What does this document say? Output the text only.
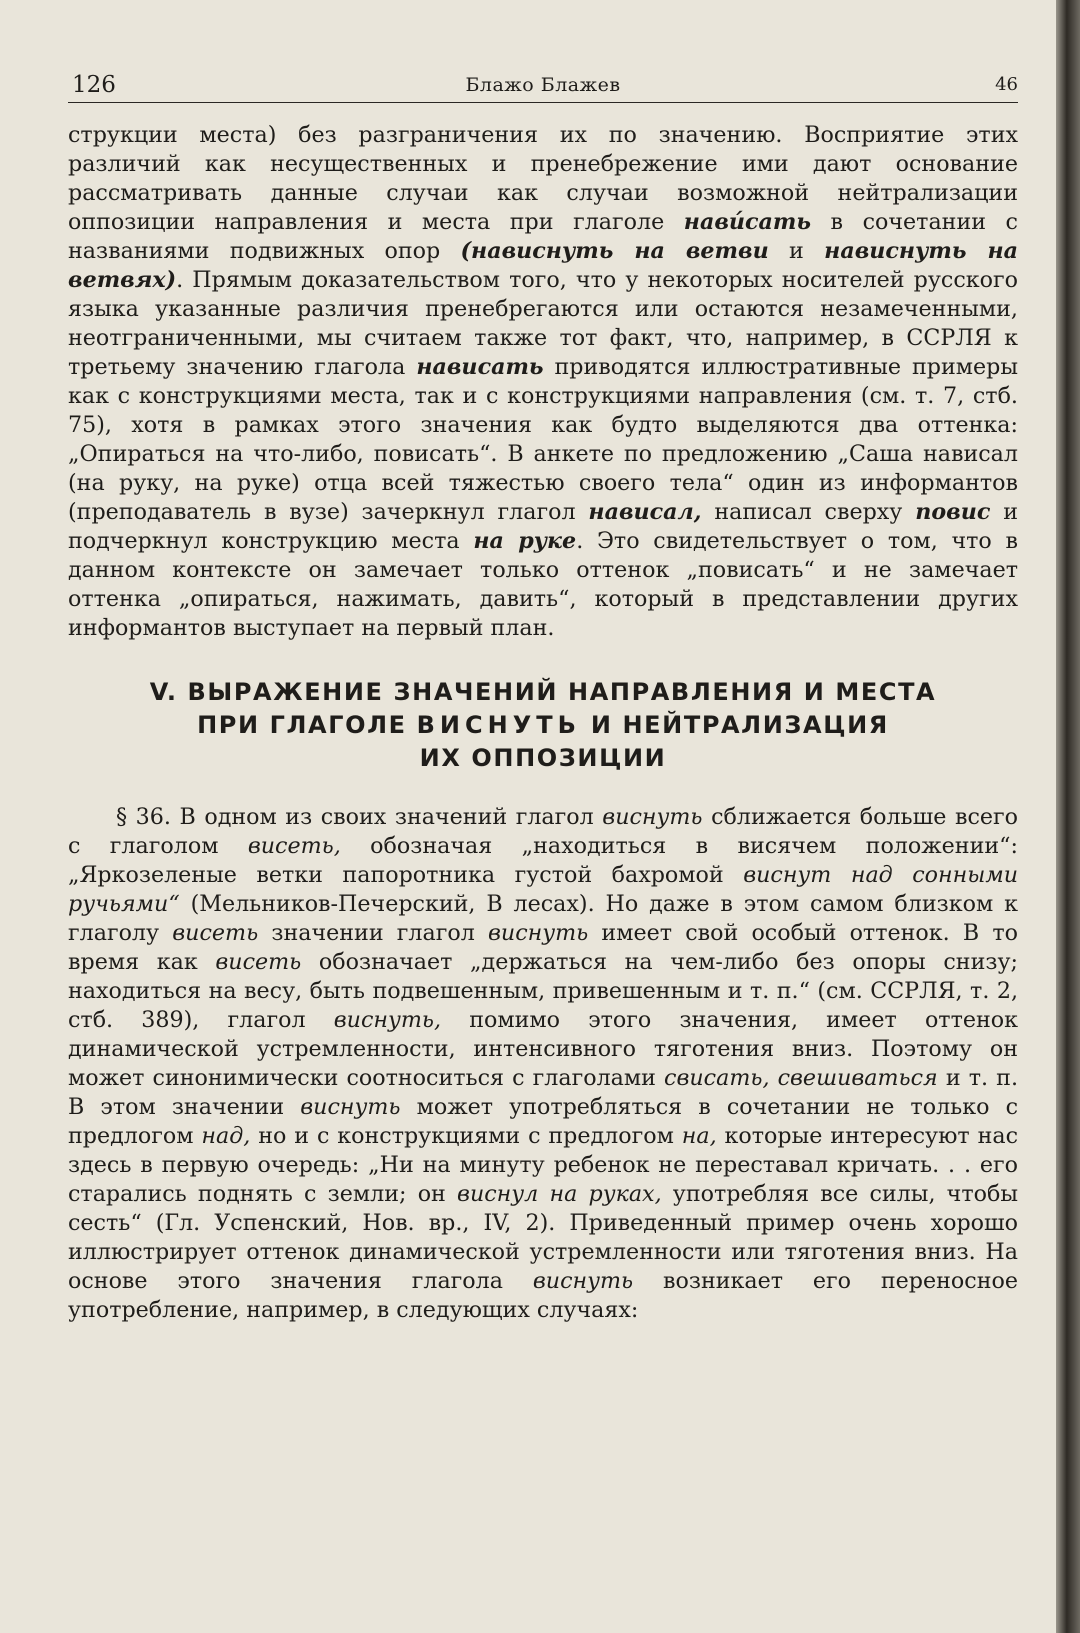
126	Блажо Блажев	46

струкции места) без разграничения их по значению. Восприятие этих различий как несущественных и пренебрежение ими дают основание рассматривать данные случаи как случаи возможной нейтрализации оппозиции направления и места при глаголе нави́сать в сочетании с названиями подвижных опор (нависнуть на ветви и нависнуть на ветвях). Прямым доказательством того, что у некоторых носителей русского языка указанные различия пренебрегаются или остаются незамеченными, неотграниченными, мы считаем также тот факт, что, например, в ССРЛЯ к третьему значению глагола нависать приводятся иллюстративные примеры как с конструкциями места, так и с конструкциями направления (см. т. 7, стб. 75), хотя в рамках этого значения как будто выделяются два оттенка: „Опираться на что-либо, повисать“. В анкете по предложению „Саша нависал (на руку, на руке) отца всей тяжестью своего тела“ один из информантов (преподаватель в вузе) зачеркнул глагол нависал, написал сверху повис и подчеркнул конструкцию места на руке. Это свидетельствует о том, что в данном контексте он замечает только оттенок „повисать“ и не замечает оттенка „опираться, нажимать, давить“, который в представлении других информантов выступает на первый план.

V. ВЫРАЖЕНИЕ ЗНАЧЕНИЙ НАПРАВЛЕНИЯ И МЕСТА
ПРИ ГЛАГОЛЕ ВИСНУТЬ И НЕЙТРАЛИЗАЦИЯ
ИХ ОППОЗИЦИИ

§ 36. В одном из своих значений глагол виснуть сближается больше всего с глаголом висеть, обозначая „находиться в висячем положении“: „Яркозеленые ветки папоротника густой бахромой виснут над сонными ручьями“ (Мельников-Печерский, В лесах). Но даже в этом самом близком к глаголу висеть значении глагол виснуть имеет свой особый оттенок. В то время как висеть обозначает „держаться на чем-либо без опоры снизу; находиться на весу, быть подвешенным, привешенным и т. п.“ (см. ССРЛЯ, т. 2, стб. 389), глагол виснуть, помимо этого значения, имеет оттенок динамической устремленности, интенсивного тяготения вниз. Поэтому он может синонимически соотноситься с глаголами свисать, свешиваться и т. п. В этом значении виснуть может употребляться в сочетании не только с предлогом над, но и с конструкциями с предлогом на, которые интересуют нас здесь в первую очередь: „Ни на минуту ребенок не переставал кричать. . . его старались поднять с земли; он виснул на руках, употребляя все силы, чтобы сесть“ (Гл. Успенский, Нов. вр., IV, 2). Приведенный пример очень хорошо иллюстрирует оттенок динамической устремленности или тяготения вниз. На основе этого значения глагола виснуть возникает его переносное употребление, например, в следующих случаях:
